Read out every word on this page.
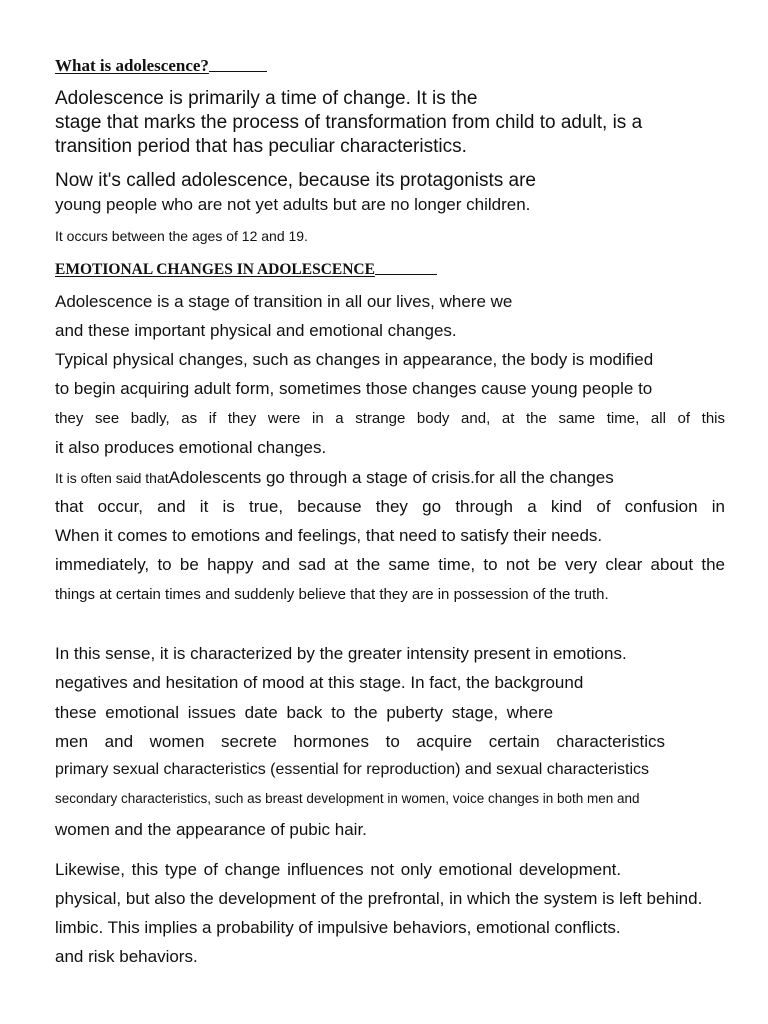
What is adolescence?
Adolescence is primarily a time of change. It is the
stage that marks the process of transformation from child to adult, is a
transition period that has peculiar characteristics.
Now it's called adolescence, because its protagonists are
young people who are not yet adults but are no longer children.
It occurs between the ages of 12 and 19.
EMOTIONAL CHANGES IN ADOLESCENCE
Adolescence is a stage of transition in all our lives, where we
and these important physical and emotional changes.
Typical physical changes, such as changes in appearance, the body is modified
to begin acquiring adult form, sometimes those changes cause young people to
they see badly, as if they were in a strange body and, at the same time, all of this
it also produces emotional changes.
It is often said thatAdolescents go through a stage of crisis.for all the changes
that occur, and it is true, because they go through a kind of confusion in
When it comes to emotions and feelings, that need to satisfy their needs.
immediately, to be happy and sad at the same time, to not be very clear about the
things at certain times and suddenly believe that they are in possession of the truth.
In this sense, it is characterized by the greater intensity present in emotions.
negatives and hesitation of mood at this stage. In fact, the background
these emotional issues date back to the puberty stage, where
men and women secrete hormones to acquire certain characteristics
primary sexual characteristics (essential for reproduction) and sexual characteristics
secondary characteristics, such as breast development in women, voice changes in both men and
women and the appearance of pubic hair.
Likewise, this type of change influences not only emotional development.
physical, but also the development of the prefrontal, in which the system is left behind.
limbic. This implies a probability of impulsive behaviors, emotional conflicts.
and risk behaviors.
